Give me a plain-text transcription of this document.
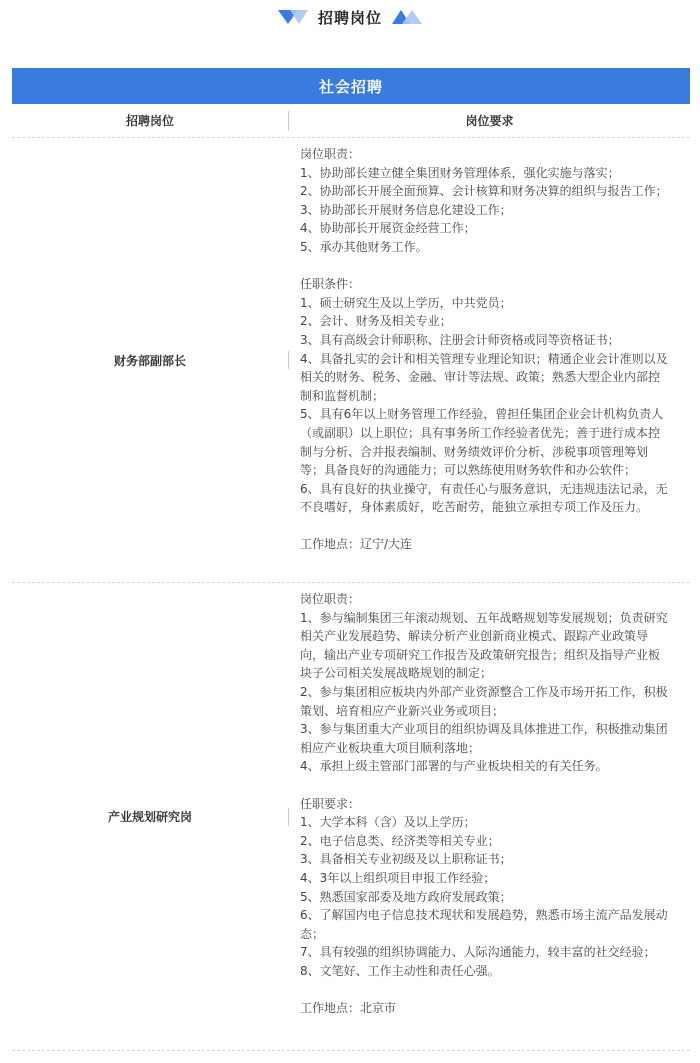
招聘岗位
社会招聘
招聘岗位	岗位要求
财务部副部长
岗位职责：
1、协助部长建立健全集团财务管理体系，强化实施与落实；
2、协助部长开展全面预算、会计核算和财务决算的组织与报告工作；
3、协助部长开展财务信息化建设工作；
4、协助部长开展资金经营工作；
5、承办其他财务工作。
任职条件：
1、硕士研究生及以上学历，中共党员；
2、会计、财务及相关专业；
3、具有高级会计师职称、注册会计师资格或同等资格证书；
4、具备扎实的会计和相关管理专业理论知识；精通企业会计准则以及
相关的财务、税务、金融、审计等法规、政策；熟悉大型企业内部控
制和监督机制；
5、具有6年以上财务管理工作经验，曾担任集团企业会计机构负责人
（或副职）以上职位；具有事务所工作经验者优先；善于进行成本控
制与分析、合并报表编制、财务绩效评价分析、涉税事项管理筹划
等；具备良好的沟通能力；可以熟练使用财务软件和办公软件；
6、具有良好的执业操守，有责任心与服务意识，无违规违法记录，无
不良嗜好，身体素质好，吃苦耐劳，能独立承担专项工作及压力。
工作地点：辽宁/大连
产业规划研究岗
岗位职责：
1、参与编制集团三年滚动规划、五年战略规划等发展规划；负责研究
相关产业发展趋势、解读分析产业创新商业模式、跟踪产业政策导
向，输出产业专项研究工作报告及政策研究报告；组织及指导产业板
块子公司相关发展战略规划的制定；
2、参与集团相应板块内外部产业资源整合工作及市场开拓工作，积极
策划、培育相应产业新兴业务或项目；
3、参与集团重大产业项目的组织协调及具体推进工作，积极推动集团
相应产业板块重大项目顺利落地；
4、承担上级主管部门部署的与产业板块相关的有关任务。
任职要求：
1、大学本科（含）及以上学历；
2、电子信息类、经济类等相关专业；
3、具备相关专业初级及以上职称证书；
4、3年以上组织项目申报工作经验；
5、熟悉国家部委及地方政府发展政策；
6、了解国内电子信息技术现状和发展趋势，熟悉市场主流产品发展动
态；
7、具有较强的组织协调能力、人际沟通能力，较丰富的社交经验；
8、文笔好、工作主动性和责任心强。
工作地点：北京市
